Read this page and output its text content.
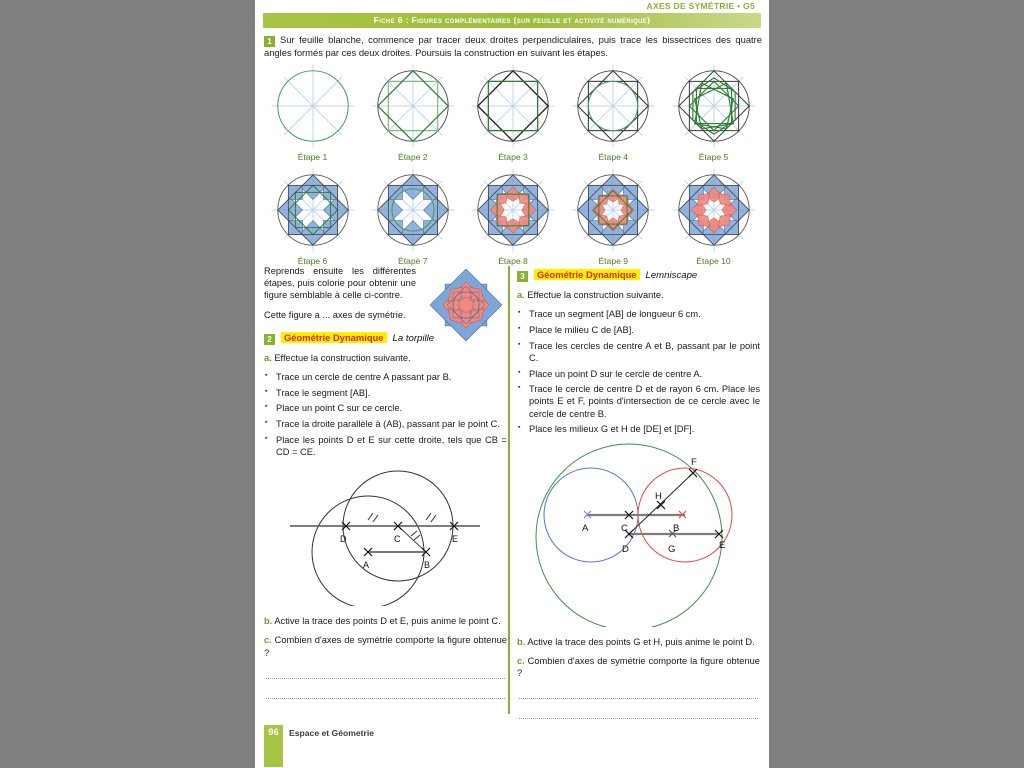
AXES DE SYMÉTRIE • G5
Fiche 6 : Figures complémentaires (sur feuille et activité numérique)
1 Sur feuille blanche, commence par tracer deux droites perpendiculaires, puis trace les bissectrices des quatre angles formés par ces deux droites. Poursuis la construction en suivant les étapes.
Étape 1	Étape 2	Étape 3	Étape 4	Étape 5
Étape 6	Étape 7	Étape 8	Étape 9	Étape 10

Reprends ensuite les différentes étapes, puis colorie pour obtenir une figure semblable à celle ci-contre.

Cette figure a ... axes de symétrie.

2 Géométrie Dynamique La torpille

a. Effectue la construction suivante.

▪ Trace un cercle de centre A passant par B.
▪ Trace le segment [AB].
▪ Place un point C sur ce cercle.
▪ Trace la droite parallèle à (AB), passant par le point C.
▪ Place les points D et E sur cette droite, tels que CB = CD = CE.
D	C	E
A	B

b. Active la trace des points D et E, puis anime le point C.

c. Combien d'axes de symétrie comporte la figure obtenue ?

3 Géométrie Dynamique Lemniscape

a. Effectue la construction suivante.

▪ Trace un segment [AB] de longueur 6 cm.
▪ Place le milieu C de [AB].
▪ Trace les cercles de centre A et B, passant par le point C.
▪ Place un point D sur le cercle de centre A.
▪ Trace le cercle de centre D et de rayon 6 cm. Place les points E et F, points d'intersection de ce cercle avec le cercle de centre B.
▪ Place les milieux G et H de [DE] et [DF].
A	C	B
F
H
D	G	E

b. Active la trace des points G et H, puis anime le point D.

c. Combien d'axes de symétrie comporte la figure obtenue ?

96	Espace et Géometrie
